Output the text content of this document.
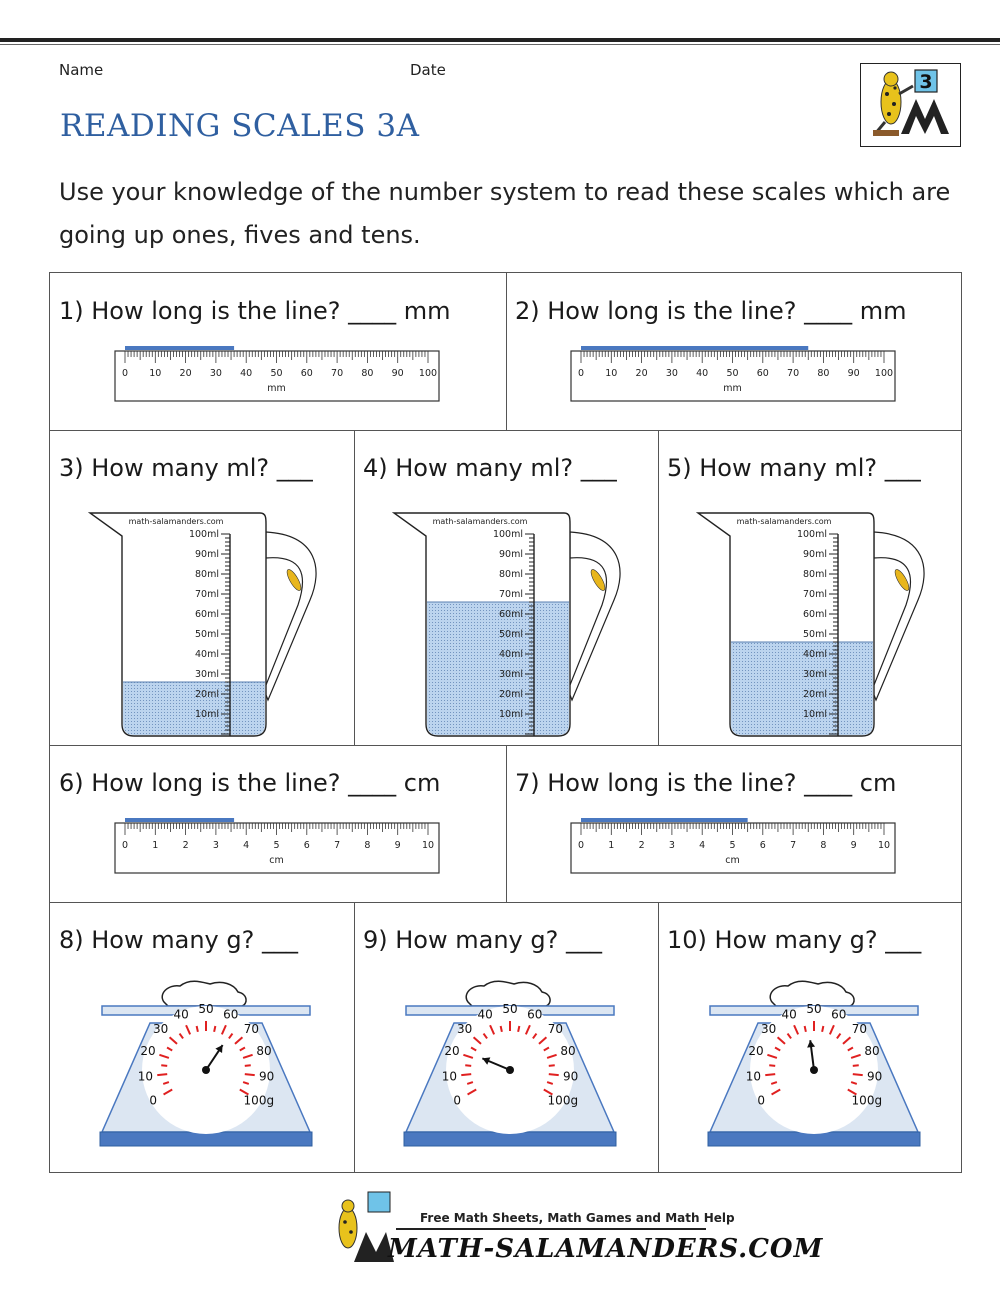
Name	Date
READING SCALES 3A
3
Use your knowledge of the number system to read these scales which are going up ones, fives and tens.
1) How long is the line? ____ mm
0 10 20 30 40 50 60 70 80 90 100
mm
2) How long is the line? ____ mm
0 10 20 30 40 50 60 70 80 90 100
mm
3) How many ml? ___
math-salamanders.com
100ml
90ml
80ml
70ml
60ml
50ml
40ml
30ml
20ml
10ml
4) How many ml? ___
math-salamanders.com
100ml
90ml
80ml
70ml
60ml
50ml
40ml
30ml
20ml
10ml
5) How many ml? ___
math-salamanders.com
100ml
90ml
80ml
70ml
60ml
50ml
40ml
30ml
20ml
10ml
6) How long is the line? ____ cm
0	1	2	3	4	5	6	7	8	9 10
cm
7) How long is the line? ____ cm
0	1	2	3	4	5	6	7	8	9 10
cm
8) How many g? ___
0
10
20
30
40 50 60
70
80
90
100g
9) How many g? ___
0
10
20
30
40 50 60
70
80
90
100g
10) How many g? ___
0
10
20
30
40 50 60
70
80
90
100g
Free Math Sheets, Math Games and Math Help
MATH-SALAMANDERS.COM
